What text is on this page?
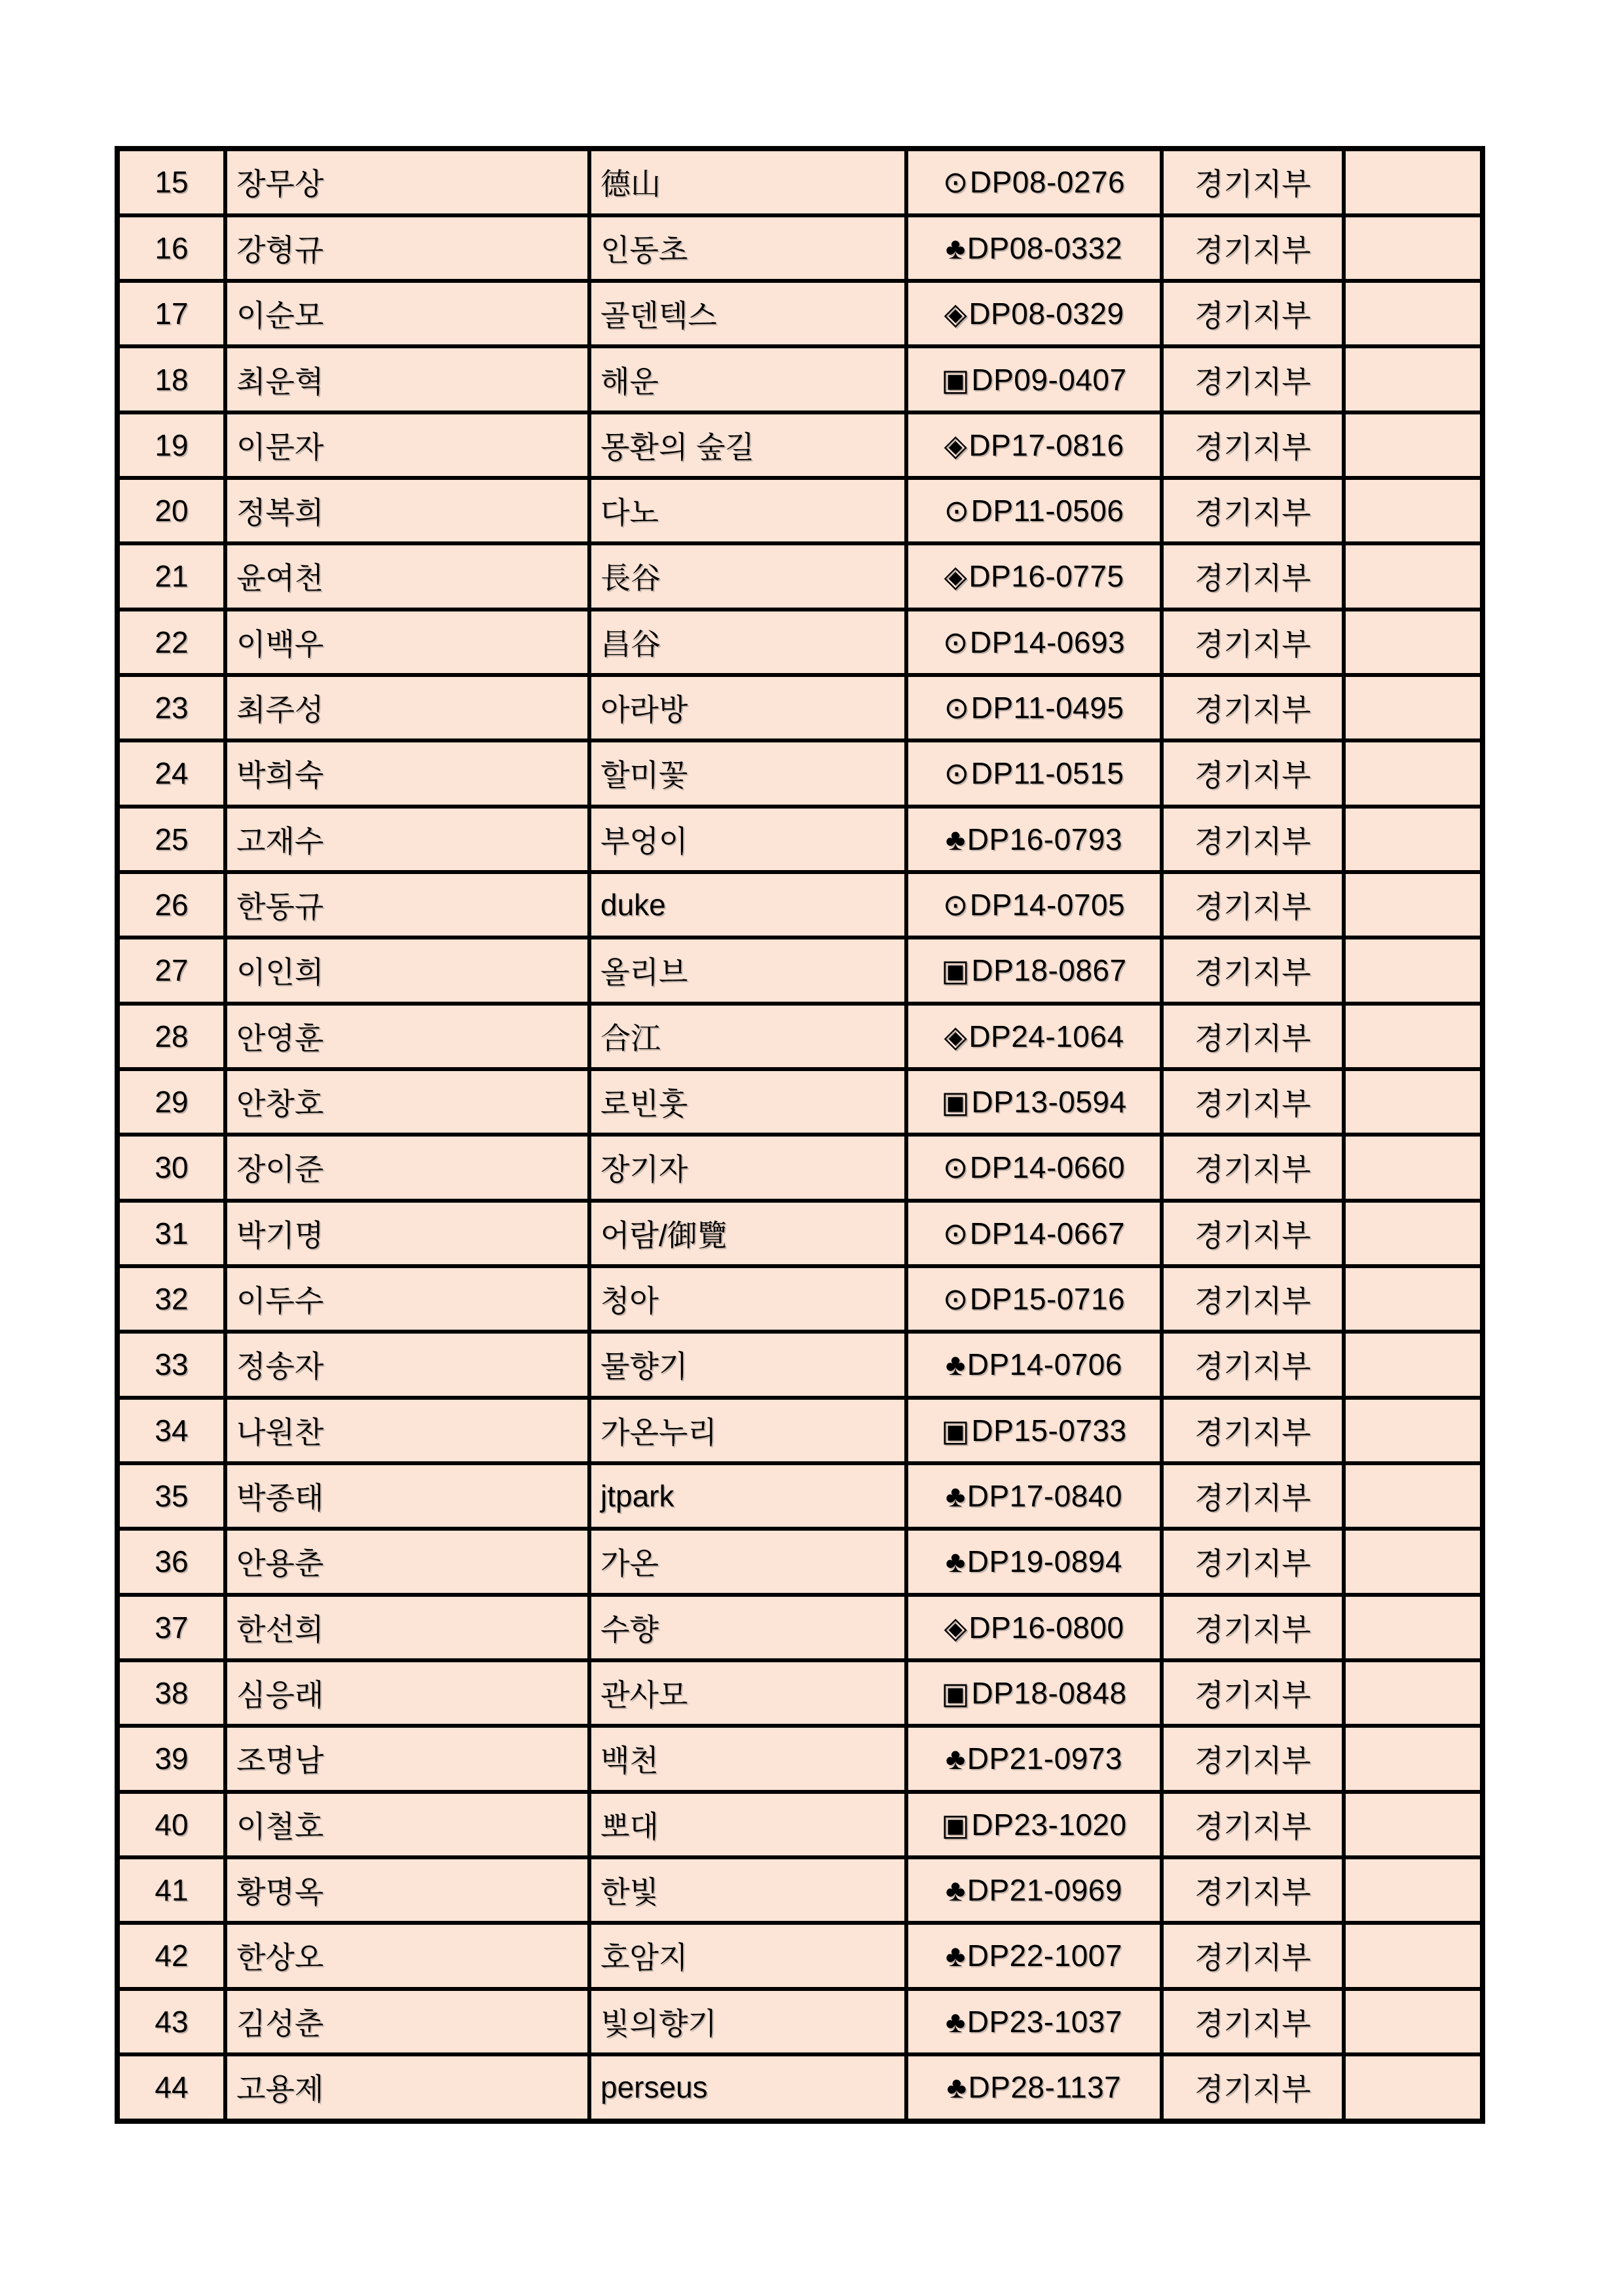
15	장무상	德山	⊙DP08-0276	경기지부	
16	강형규	인동초	♣DP08-0332	경기지부	
17	이순모	골덴텍스	◈DP08-0329	경기지부	
18	최운혁	해운	▣DP09-0407	경기지부	
19	이문자	몽환의 숲길	◈DP17-0816	경기지부	
20	정복희	다노	⊙DP11-0506	경기지부	
21	윤여천	長谷	◈DP16-0775	경기지부	
22	이백우	昌谷	⊙DP14-0693	경기지부	
23	최주성	아라방	⊙DP11-0495	경기지부	
24	박희숙	할미꽃	⊙DP11-0515	경기지부	
25	고재수	부엉이	♣DP16-0793	경기지부	
26	한동규	duke	⊙DP14-0705	경기지부	
27	이인희	올리브	▣DP18-0867	경기지부	
28	안영훈	合江	◈DP24-1064	경기지부	
29	안창호	로빈훗	▣DP13-0594	경기지부	
30	장이준	장기자	⊙DP14-0660	경기지부	
31	박기명	어람/御覽	⊙DP14-0667	경기지부	
32	이두수	청아	⊙DP15-0716	경기지부	
33	정송자	물향기	♣DP14-0706	경기지부	
34	나원찬	가온누리	▣DP15-0733	경기지부	
35	박종태	jtpark	♣DP17-0840	경기지부	
36	안용춘	가온	♣DP19-0894	경기지부	
37	한선희	수향	◈DP16-0800	경기지부	
38	심응래	관사모	▣DP18-0848	경기지부	
39	조명남	백천	♣DP21-0973	경기지부	
40	이철호	뽀대	▣DP23-1020	경기지부	
41	황명옥	한빛	♣DP21-0969	경기지부	
42	한상오	호암지	♣DP22-1007	경기지부	
43	김성춘	빛의향기	♣DP23-1037	경기지부	
44	고용제	perseus	♣DP28-1137	경기지부	
